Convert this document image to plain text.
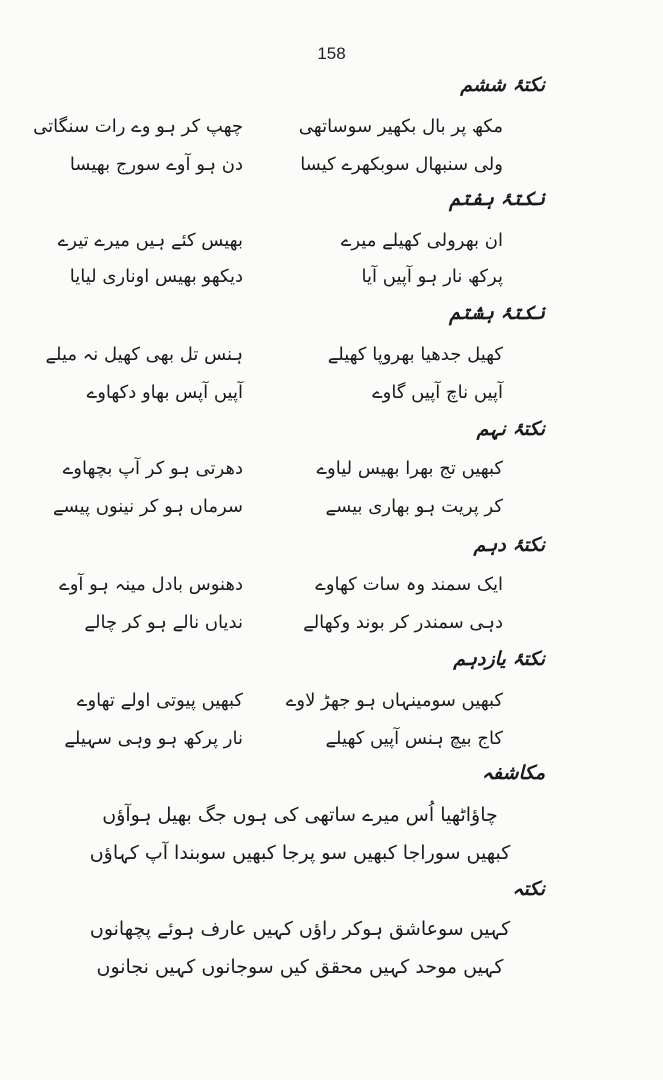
158
نکتۂ ششم
مکھ پر بال بکھیر سوساتھی
چھپ کر ہو وے رات سنگاتی
ولی سنبھال سوبکھرے کیسا
دن ہو آوے سورج بھیسا
نکتۂ ہفتم
ان بھرولی کھیلے میرے
بھیس کئے ہیں میرے تیرے
پرکھ نار ہو آپیں آیا
دیکھو بھیس اوناری لیایا
نکتۂ ہشتم
کھیل جدھیا بھروپا کھیلے
ہنس تل بھی کھیل نہ میلے
آپیں ناچ آپیں گاوے
آپیں آپس بھاو دکھاوے
نکتۂ نہم
کبھیں تج بھرا بھیس لیاوے
دھرتی ہو کر آپ بچھاوے
کر پریت ہو بھاری بیسے
سرماں ہو کر نینوں پیسے
نکتۂ دہم
ایک سمند وہ سات کھاوے
دھنوس بادل مینہ ہو آوے
دہی سمندر کر بوند وکھالے
ندیاں نالے ہو کر چالے
نکتۂ یازدہم
کبھیں سومینہاں ہو جھڑ لاوے
کبھیں پیوتی اولے تھاوے
کاج بیچ ہنس آپیں کھیلے
نار پرکھ ہو وہی سہیلے
مکاشفہ
چاؤاٹھیا اُس میرے ساتھی کی ہوں جگ بھیل ہوآؤں
کبھیں سوراجا کبھیں سو پرجا کبھیں سوبندا آپ کہاؤں
نکتہ
کہیں سوعاشق ہوکر راؤں کہیں عارف ہوئے پچھانوں
کہیں موحد کہیں محقق کیں سوجانوں کہیں نجانوں
